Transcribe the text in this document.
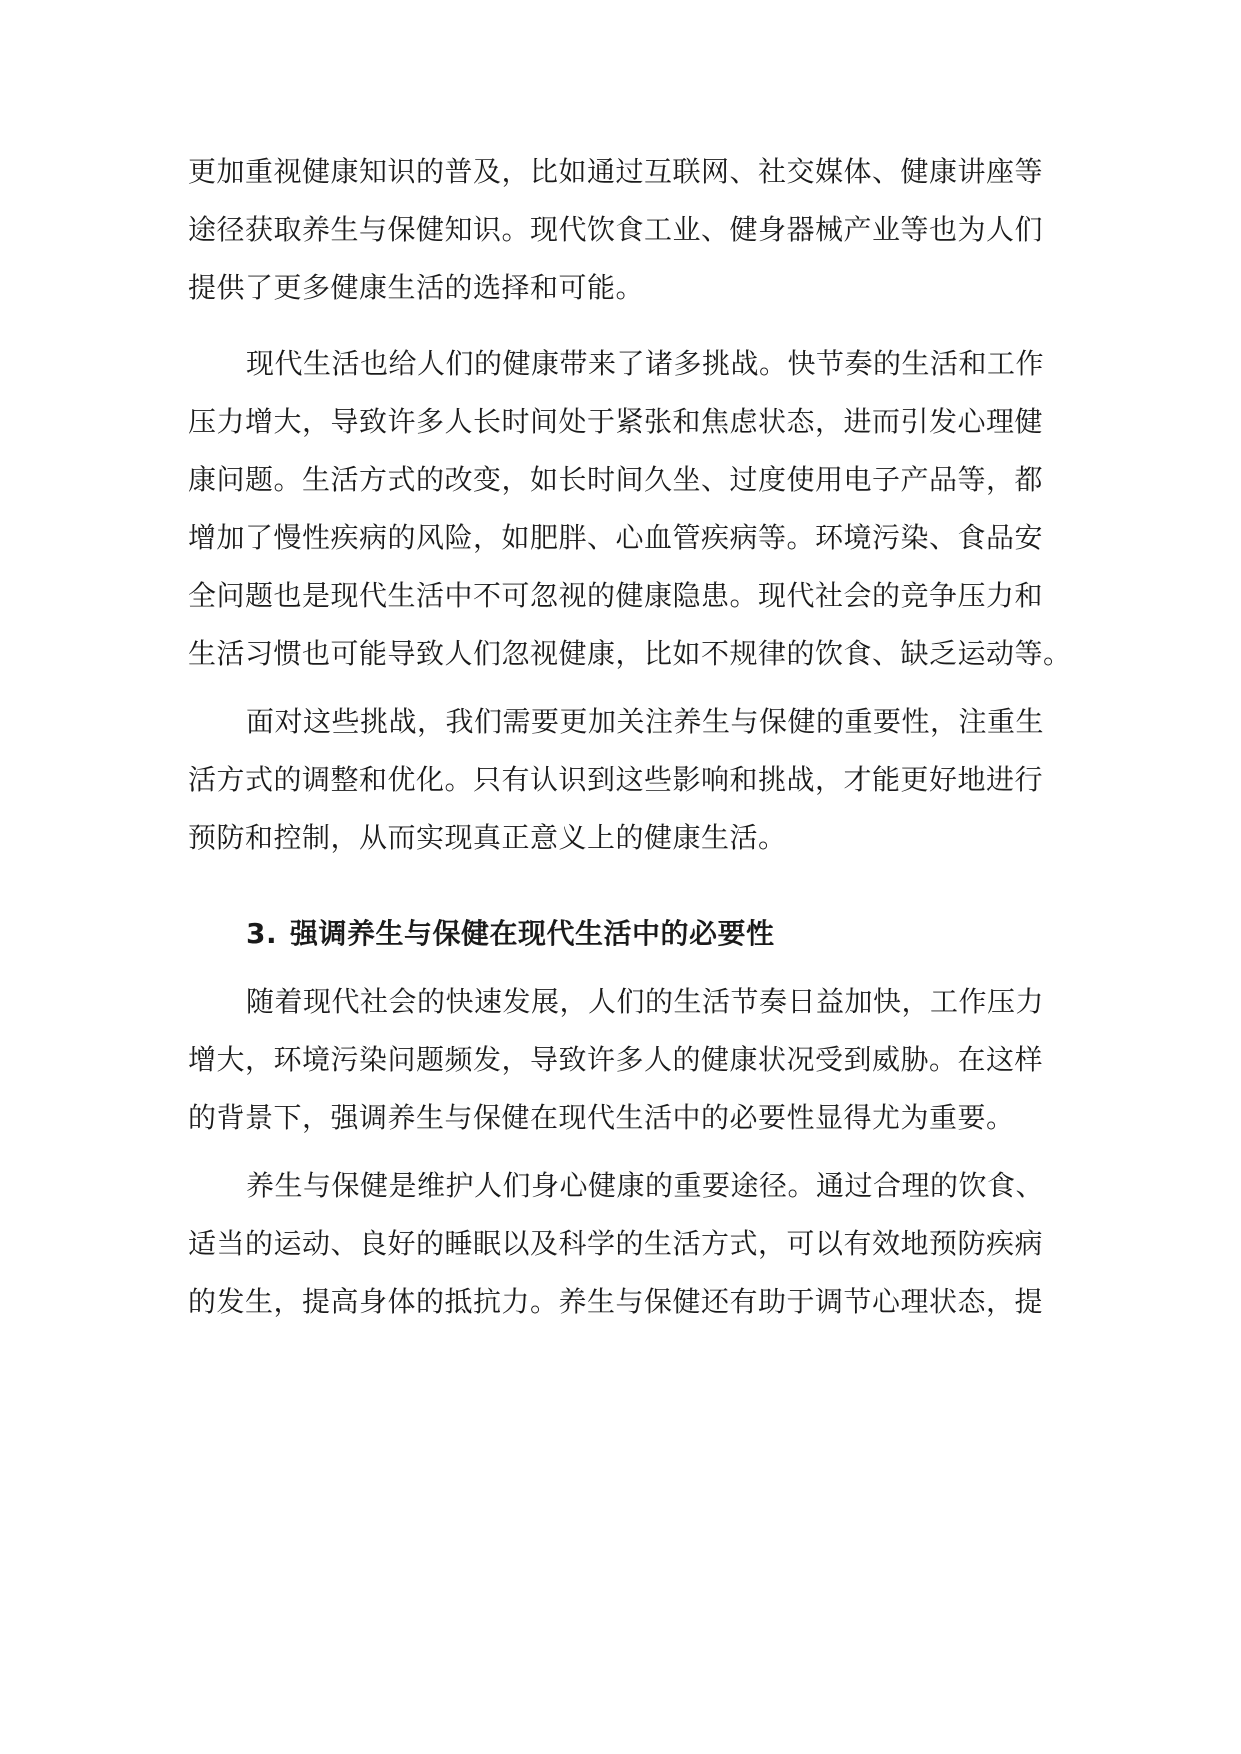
更加重视健康知识的普及，比如通过互联网、社交媒体、健康讲座等
途径获取养生与保健知识。现代饮食工业、健身器械产业等也为人们
提供了更多健康生活的选择和可能。

现代生活也给人们的健康带来了诸多挑战。快节奏的生活和工作
压力增大，导致许多人长时间处于紧张和焦虑状态，进而引发心理健
康问题。生活方式的改变，如长时间久坐、过度使用电子产品等，都
增加了慢性疾病的风险，如肥胖、心血管疾病等。环境污染、食品安
全问题也是现代生活中不可忽视的健康隐患。现代社会的竞争压力和
生活习惯也可能导致人们忽视健康，比如不规律的饮食、缺乏运动等。

面对这些挑战，我们需要更加关注养生与保健的重要性，注重生
活方式的调整和优化。只有认识到这些影响和挑战，才能更好地进行
预防和控制，从而实现真正意义上的健康生活。

3. 强调养生与保健在现代生活中的必要性

随着现代社会的快速发展，人们的生活节奏日益加快，工作压力
增大，环境污染问题频发，导致许多人的健康状况受到威胁。在这样
的背景下，强调养生与保健在现代生活中的必要性显得尤为重要。

养生与保健是维护人们身心健康的重要途径。通过合理的饮食、
适当的运动、良好的睡眠以及科学的生活方式，可以有效地预防疾病
的发生，提高身体的抵抗力。养生与保健还有助于调节心理状态，提
